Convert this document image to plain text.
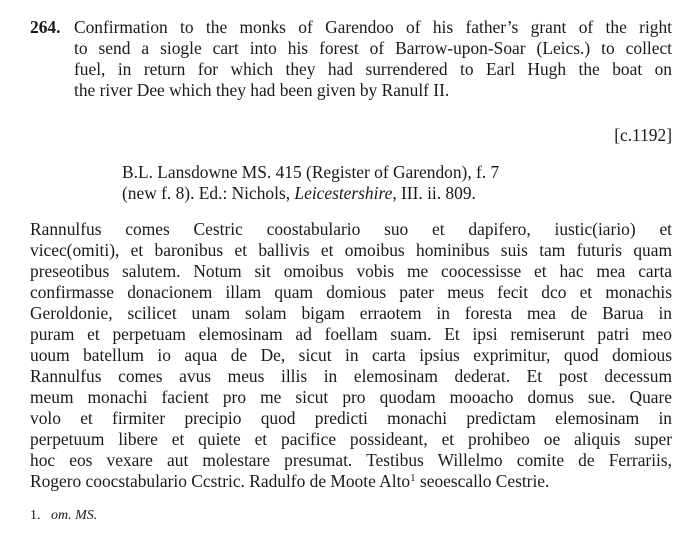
264. Confirmation to the monks of Garendoo of his father’s grant of the right
to send a siogle cart into his forest of Barrow-upon-Soar (Leics.) to collect
fuel, in return for which they had surrendered to Earl Hugh the boat on
the river Dee which they had been given by Ranulf II.
[c.1192]
B.L. Lansdowne MS. 415 (Register of Garendon), f. 7
(new f. 8). Ed.: Nichols, Leicestershire, III. ii. 809.
Rannulfus comes Cestric coostabulario suo et dapifero, iustic(iario) et
vicec(omiti), et baronibus et ballivis et omoibus hominibus suis tam futuris quam
preseotibus salutem. Notum sit omoibus vobis me coocessisse et hac mea carta
confirmasse donacionem illam quam domious pater meus fecit dco et monachis
Geroldonie, scilicet unam solam bigam erraotem in foresta mea de Barua in
puram et perpetuam elemosinam ad foellam suam. Et ipsi remiserunt patri meo
uoum batellum io aqua de De, sicut in carta ipsius exprimitur, quod domious
Rannulfus comes avus meus illis in elemosinam dederat. Et post decessum
meum monachi facient pro me sicut pro quodam mooacho domus sue. Quare
volo et firmiter precipio quod predicti monachi predictam elemosinam in
perpetuum libere et quiete et pacifice possideant, et prohibeo oe aliquis super
hoc eos vexare aut molestare presumat. Testibus Willelmo comite de Ferrariis,
Rogero coocstabulario Ccstric. Radulfo de Moote Alto$^1$ seoescallo Cestrie.
1. om. MS.
